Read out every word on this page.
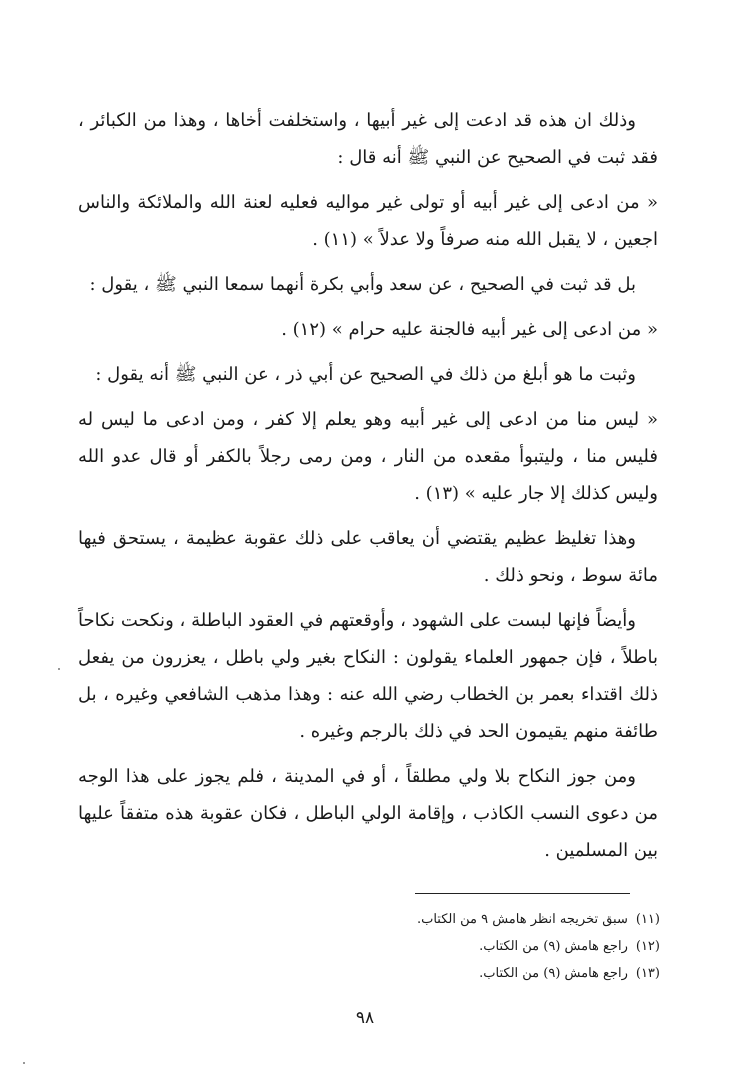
وذلك ان هذه قد ادعت إلى غير أبيها ، واستخلفت أخاها ، وهذا من الكبائر ، فقد ثبت في الصحيح عن النبي ﷺ أنه قال :

« من ادعى إلى غير أبيه أو تولى غير مواليه فعليه لعنة الله والملائكة والناس اجعين ، لا يقبل الله منه صرفاً ولا عدلاً » (١١) .

بل قد ثبت في الصحيح ، عن سعد وأبي بكرة أنهما سمعا النبي ﷺ ، يقول :

« من ادعى إلى غير أبيه فالجنة عليه حرام » (١٢) .

وثبت ما هو أبلغ من ذلك في الصحيح عن أبي ذر ، عن النبي ﷺ أنه يقول :

« ليس منا من ادعى إلى غير أبيه وهو يعلم إلا كفر ، ومن ادعى ما ليس له فليس منا ، وليتبوأ مقعده من النار ، ومن رمى رجلاً بالكفر أو قال عدو الله وليس كذلك إلا جار عليه » (١٣) .

وهذا تغليظ عظيم يقتضي أن يعاقب على ذلك عقوبة عظيمة ، يستحق فيها مائة سوط ، ونحو ذلك .

وأيضاً فإنها لبست على الشهود ، وأوقعتهم في العقود الباطلة ، ونكحت نكاحاً باطلاً ، فإن جمهور العلماء يقولون : النكاح بغير ولي باطل ، يعزرون من يفعل ذلك اقتداء بعمر بن الخطاب رضي الله عنه : وهذا مذهب الشافعي وغيره ، بل طائفة منهم يقيمون الحد في ذلك بالرجم وغيره .

ومن جوز النكاح بلا ولي مطلقاً ، أو في المدينة ، فلم يجوز على هذا الوجه من دعوى النسب الكاذب ، وإقامة الولي الباطل ، فكان عقوبة هذه متفقاً عليها بين المسلمين .

(١١)سبق تخريجه انظر هامش ٩ من الكتاب.
(١٢)راجع هامش (٩) من الكتاب.
(١٣)راجع هامش (٩) من الكتاب.
٩٨
